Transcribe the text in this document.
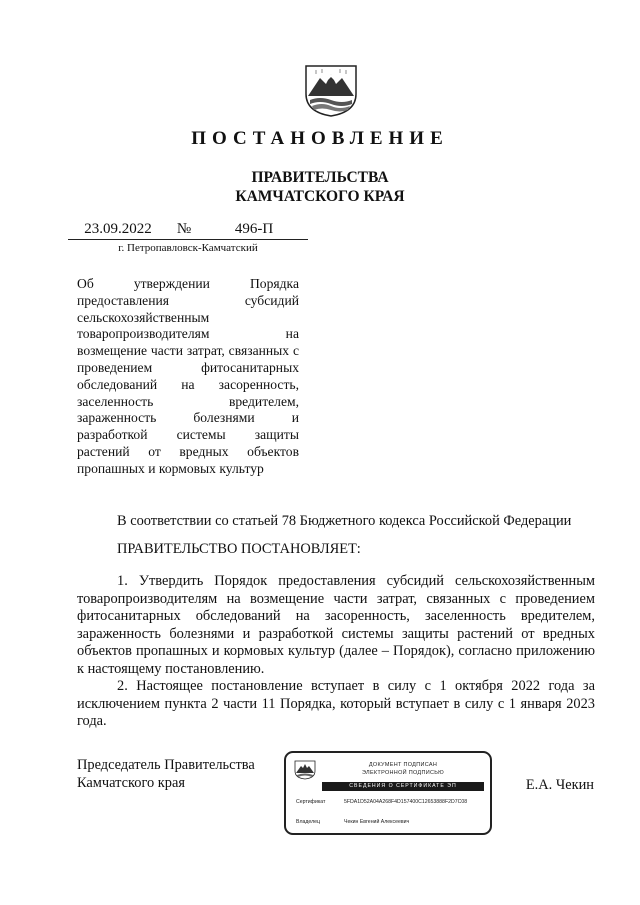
ПОСТАНОВЛЕНИЕ
ПРАВИТЕЛЬСТВА
КАМЧАТСКОГО КРАЯ
23.09.2022	№	496-П
г. Петропавловск-Камчатский
Об утверждении Порядка предоставления субсидий сельскохозяйственным товаропроизводителям на возмещение части затрат, связанных с проведением фитосанитарных обследований на засоренность, заселенность вредителем, зараженность болезнями и разработкой системы защиты растений от вредных объектов пропашных и кормовых культур
В соответствии со статьей 78 Бюджетного кодекса Российской Федерации
ПРАВИТЕЛЬСТВО ПОСТАНОВЛЯЕТ:
1. Утвердить Порядок предоставления субсидий сельскохозяйственным товаропроизводителям на возмещение части затрат, связанных с проведением фитосанитарных обследований на засоренность, заселенность вредителем, зараженность болезнями и разработкой системы защиты растений от вредных объектов пропашных и кормовых культур (далее – Порядок), согласно приложению к настоящему постановлению.
2. Настоящее постановление вступает в силу с 1 октября 2022 года за исключением пункта 2 части 11 Порядка, который вступает в силу с 1 января 2023 года.
Председатель Правительства
Камчатского края	Е.А. Чекин
ДОКУМЕНТ ПОДПИСАН
ЭЛЕКТРОННОЙ ПОДПИСЬЮ
СВЕДЕНИЯ О СЕРТИФИКАТЕ ЭП
Сертификат	5FDA1D52A04A268F4D157400C12653888F2D7C08
Владелец	Чекин Евгений Алексеевич
